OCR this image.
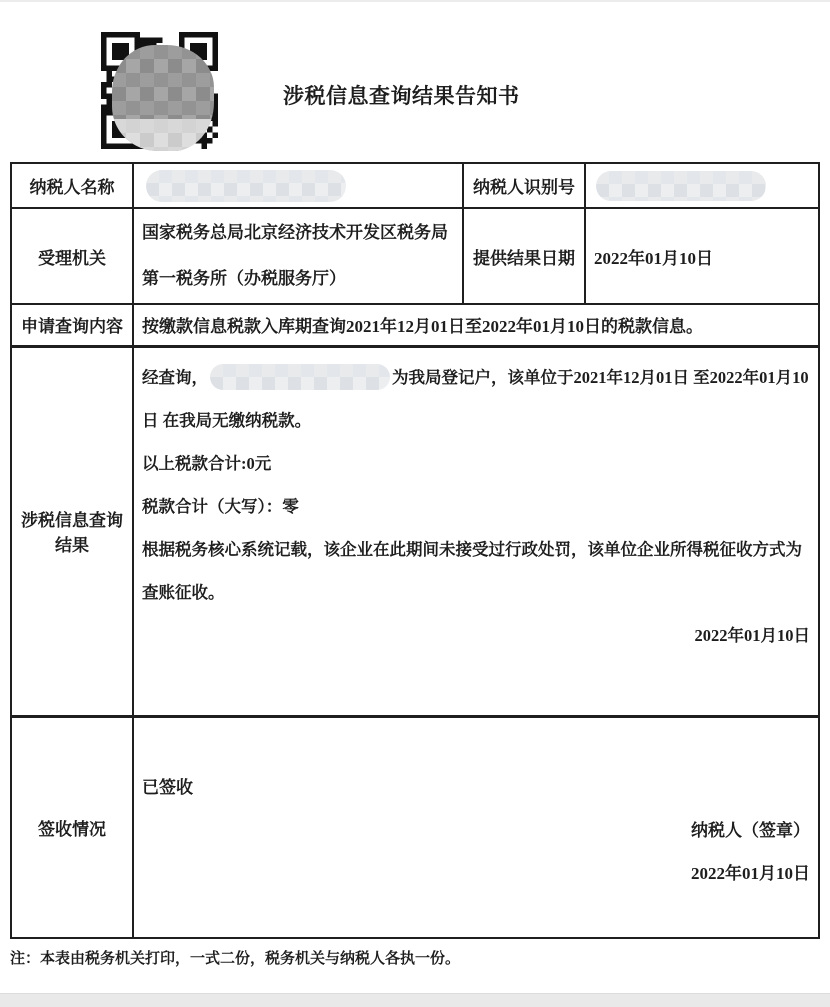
涉税信息查询结果告知书
纳税人名称		纳税人识别号	
受理机关	国家税务总局北京经济技术开发区税务局第一税务所（办税服务厅）	提供结果日期	2022年01月10日
申请查询内容	按缴款信息税款入库期查询2021年12月01日至2022年01月10日的税款信息。		
涉税信息查询结果	经查询， 为我局登记户，该单位于2021年12月01日 至2022年01月10日 在我局无缴纳税款。

以上税款合计:0元

税款合计（大写）：零

根据税务核心系统记载，该企业在此期间未接受过行政处罚，该单位企业所得税征收方式为查账征收。

2022年01月10日		

签收情况	已签收

纳税人（签章）

2022年01月10日		

注：本表由税务机关打印，一式二份，税务机关与纳税人各执一份。
